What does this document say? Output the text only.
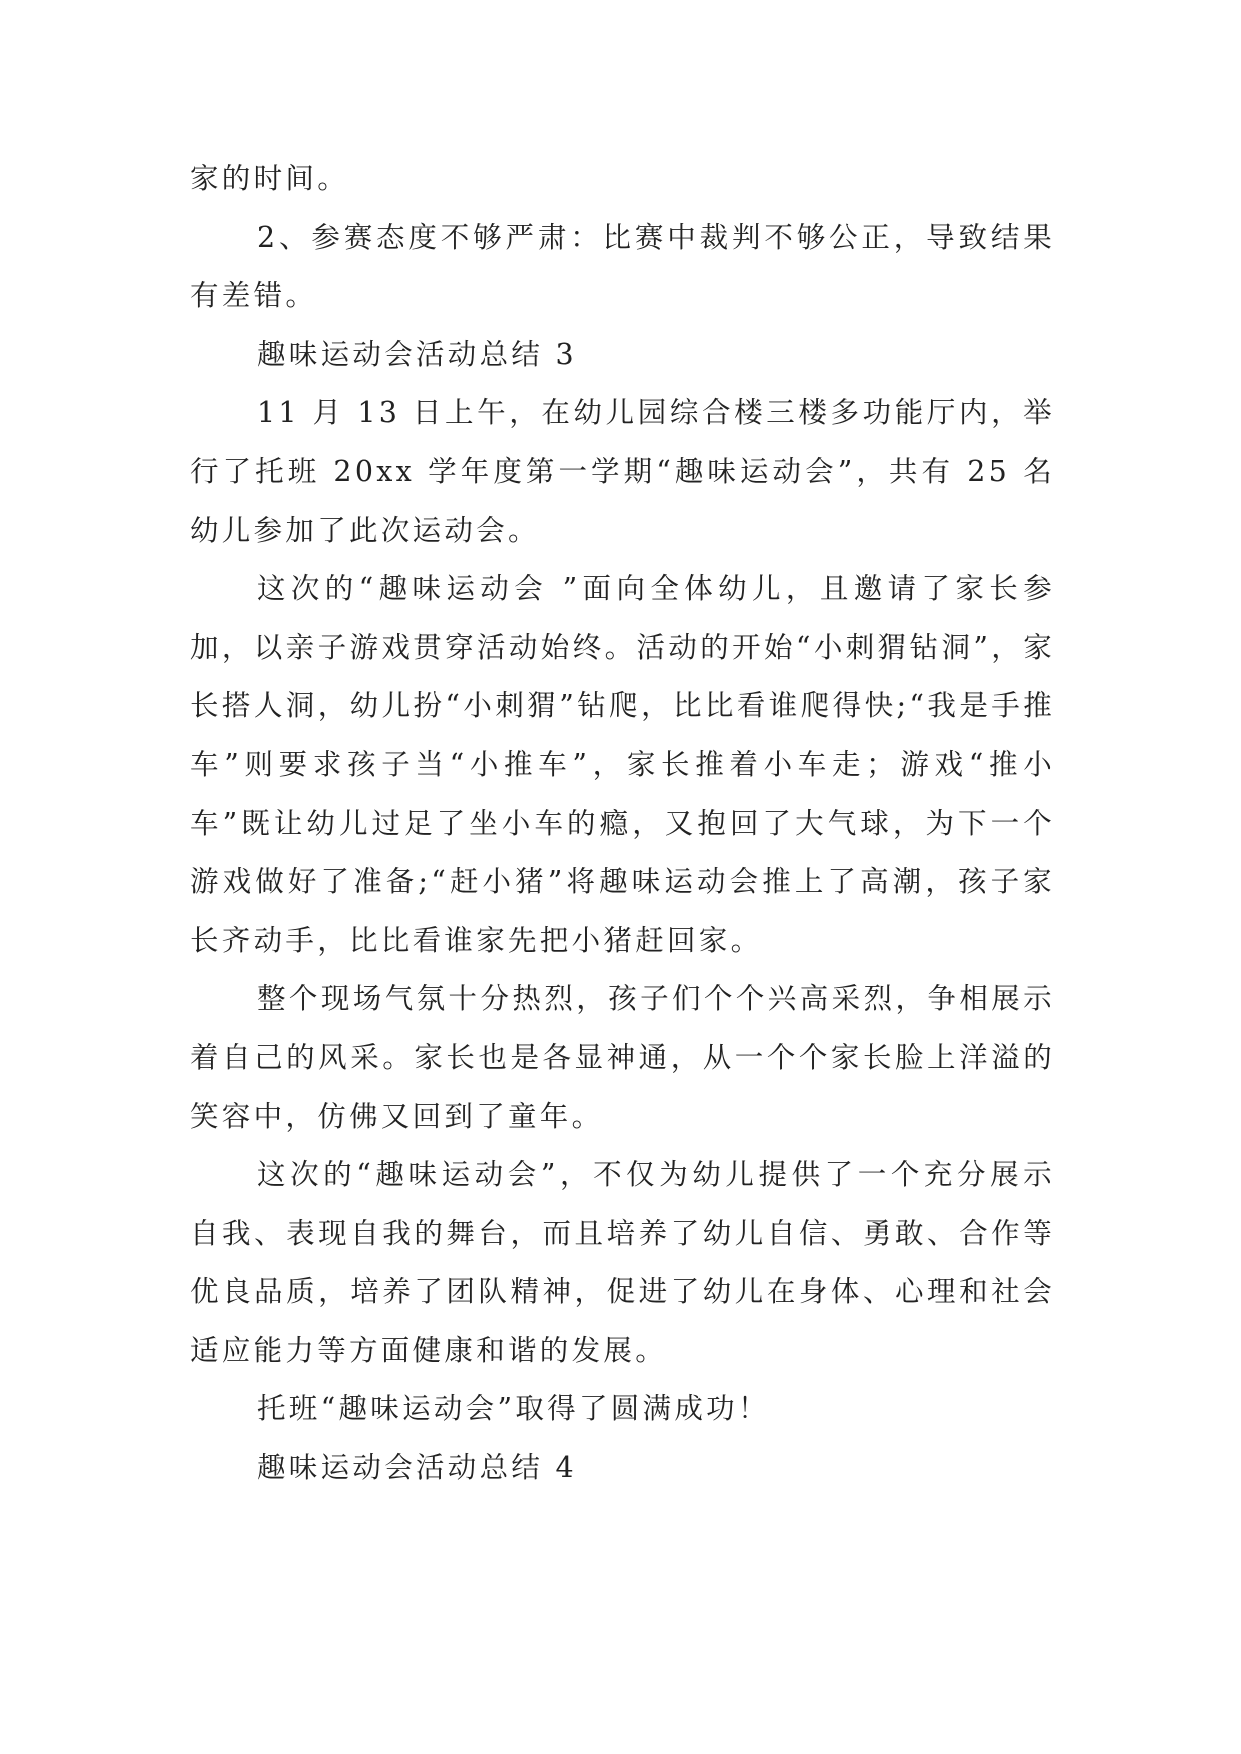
家的时间。

2、参赛态度不够严肃：比赛中裁判不够公正，导致结果有差错。

趣味运动会活动总结 3

11 月 13 日上午，在幼儿园综合楼三楼多功能厅内，举行了托班 20xx 学年度第一学期“趣味运动会”，共有 25 名幼儿参加了此次运动会。

这次的“趣味运动会 ”面向全体幼儿，且邀请了家长参加，以亲子游戏贯穿活动始终。活动的开始“小刺猬钻洞”，家长搭人洞，幼儿扮“小刺猬”钻爬，比比看谁爬得快;“我是手推车”则要求孩子当“小推车”，家长推着小车走；游戏“推小车”既让幼儿过足了坐小车的瘾，又抱回了大气球，为下一个游戏做好了准备;“赶小猪”将趣味运动会推上了高潮，孩子家长齐动手，比比看谁家先把小猪赶回家。

整个现场气氛十分热烈，孩子们个个兴高采烈，争相展示着自己的风采。家长也是各显神通，从一个个家长脸上洋溢的笑容中，仿佛又回到了童年。

这次的“趣味运动会”，不仅为幼儿提供了一个充分展示自我、表现自我的舞台，而且培养了幼儿自信、勇敢、合作等优良品质，培养了团队精神，促进了幼儿在身体、心理和社会适应能力等方面健康和谐的发展。

托班“趣味运动会”取得了圆满成功！

趣味运动会活动总结 4
